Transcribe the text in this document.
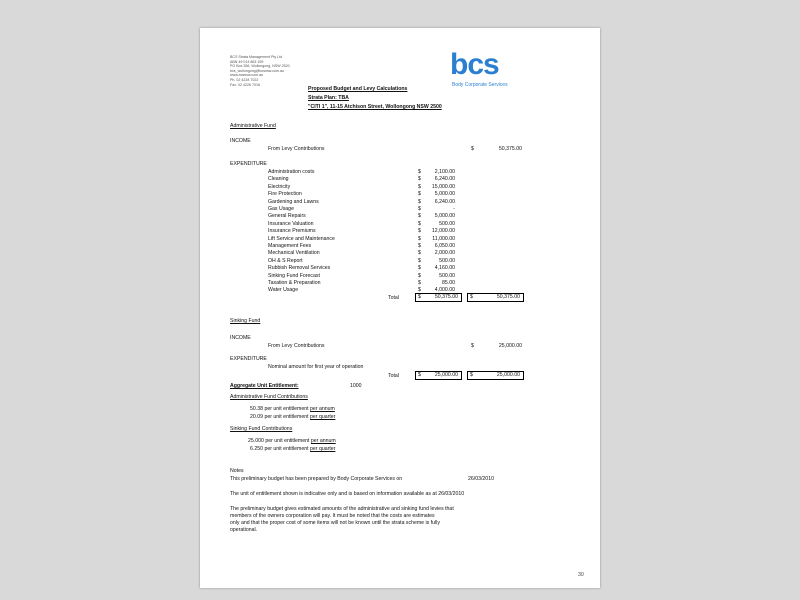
BCS Strata Management Pty Ltd
ABN 49 014 863 159
PO Box 356, Wollongong, NSW 2520
bcs_wollongong@bcsnsw.com.au
www.bcsnsw.com.au
Ph. 02 4228 7022
Fax. 02 4226 7016
bcs
Body Corporate Services
Proposed Budget and Levy Calculations
Strata Plan: TBA
"CITI 1", 11-15 Atchison Street, Wollongong NSW 2500
Administrative Fund
INCOME
From Levy Contributions	$	50,375.00
EXPENDITURE
Administration costs	$	2,100.00
Cleaning	$	6,240.00
Electricity	$	15,000.00
Fire Protection	$	5,000.00
Gardening and Lawns	$	6,240.00
Gas Usage	$	-
General Repairs	$	5,000.00
Insurance Valuation	$	500.00
Insurance Premiums	$	12,000.00
Lift Service and Maintenance	$	11,000.00
Management Fees	$	6,050.00
Mechanical Ventilation	$	2,000.00
OH & S Report	$	500.00
Rubbish Removal Services	$	4,160.00
Sinking Fund Forecast	$	500.00
Taxation & Preparation	$	85.00
Water Usage	$	4,000.00
Total	$	50,375.00 $	50,375.00
Sinking Fund
INCOME
From Levy Contributions	$	25,000.00
EXPENDITURE
Nominal amount for first year of operation
Total	$	25,000.00 $	25,000.00
Aggregate Unit Entitlement:	1000
Administrative Fund Contributions
50.38 per unit entitlement per annum
20.09 per unit entitlement per quarter
Sinking Fund Contributions
25.000 per unit entitlement per annum
6.250 per unit entitlement per quarter
Notes
This preliminary budget has been prepared by Body Corporate Services on	26/03/2010
The unit of entitlement shown is indicative only and is based on information available as at 26/03/2010
The preliminary budget gives estimated amounts of the administrative and sinking fund levies that
members of the owners corporation will pay. It must be noted that the costs are estimates
only and that the proper cost of some items will not be known until the strata scheme is fully
operational.
30
